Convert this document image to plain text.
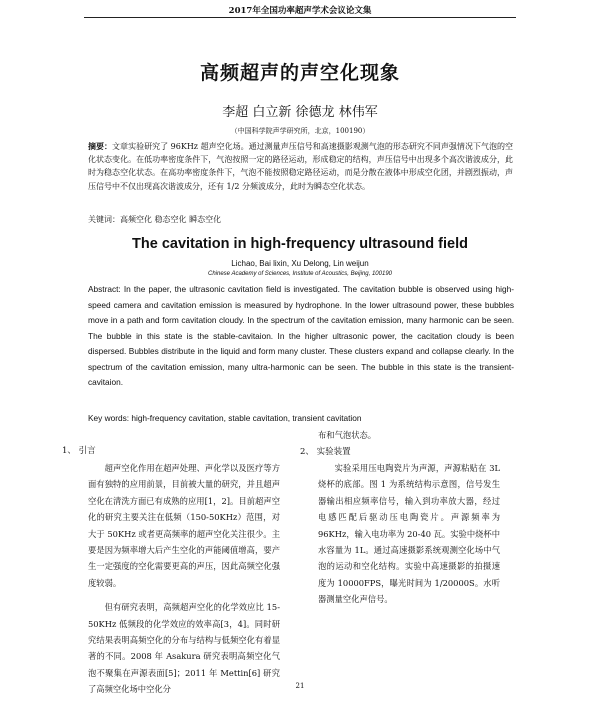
2017年全国功率超声学术会议论文集
高频超声的声空化现象
李超 白立新 徐德龙 林伟军
（中国科学院声学研究所，北京，100190）
摘要：文章实验研究了 96KHz 超声空化场。通过测量声压信号和高速摄影观测气泡的形态研究不同声强情况下气泡的空化状态变化。在低功率密度条件下，气泡按照一定的路径运动，形成稳定的结构，声压信号中出现多个高次谐波成分，此时为稳态空化状态。在高功率密度条件下，气泡不能按照稳定路径运动，而是分散在液体中形成空化团，并剧烈振动，声压信号中不仅出现高次谐波成分，还有 1/2 分频波成分，此时为瞬态空化状态。
关键词：高频空化 稳态空化 瞬态空化
The cavitation in high-frequency ultrasound field
Lichao, Bai lixin, Xu Delong, Lin weijun
Chinese Academy of Sciences, Institute of Acoustics, Beijing, 100190
Abstract: In the paper, the ultrasonic cavitation field is investigated. The cavitation bubble is observed using high-speed camera and cavitation emission is measured by hydrophone. In the lower ultrasound power, these bubbles move in a path and form cavitation cloudy. In the spectrum of the cavitation emission, many harmonic can be seen. The bubble in this state is the stable-cavitaion. In the higher ultrasonic power, the cacitation cloudy is been dispersed. Bubbles distribute in the liquid and form many cluster. These clusters expand and collapse clearly. In the spectrum of the cavitation emission, many ultra-harmonic can be seen. The bubble in this state is the transient-cavitaion.
Key words: high-frequency cavitation, stable cavitation, transient cavitation
1、 引言

超声空化作用在超声处理、声化学以及医疗等方面有独特的应用前景，目前被大量的研究，并且超声空化在清洗方面已有成熟的应用[1，2]。目前超声空化的研究主要关注在低频（150-50KHz）范围，对大于 50KHz 或者更高频率的超声空化关注很少。主要是因为频率增大后产生空化的声能阈值增高，要产生一定强度的空化需要更高的声压，因此高频空化强度较弱。

但有研究表明，高频超声空化的化学效应比 15-50KHz 低频段的化学效应的效率高[3，4]。同时研究结果表明高频空化的分布与结构与低频空化有着显著的不同。2008 年 Asakura 研究表明高频空化气泡不聚集在声源表面[5]；2011 年 Mettin[6] 研究了高频空化场中空化分

布和气泡状态。
2、 实验装置

实验采用压电陶瓷片为声源，声源粘贴在 3L 烧杯的底部。图 1 为系统结构示意图，信号发生器输出相应频率信号，输入到功率放大器，经过电感匹配后驱动压电陶瓷片。声源频率为 96KHz，输入电功率为 20-40 瓦。实验中烧杯中水容量为 1L。通过高速摄影系统观测空化场中气泡的运动和空化结构。实验中高速摄影的拍摄速度为 10000FPS，曝光时间为 1/20000S。水听器测量空化声信号。

21
